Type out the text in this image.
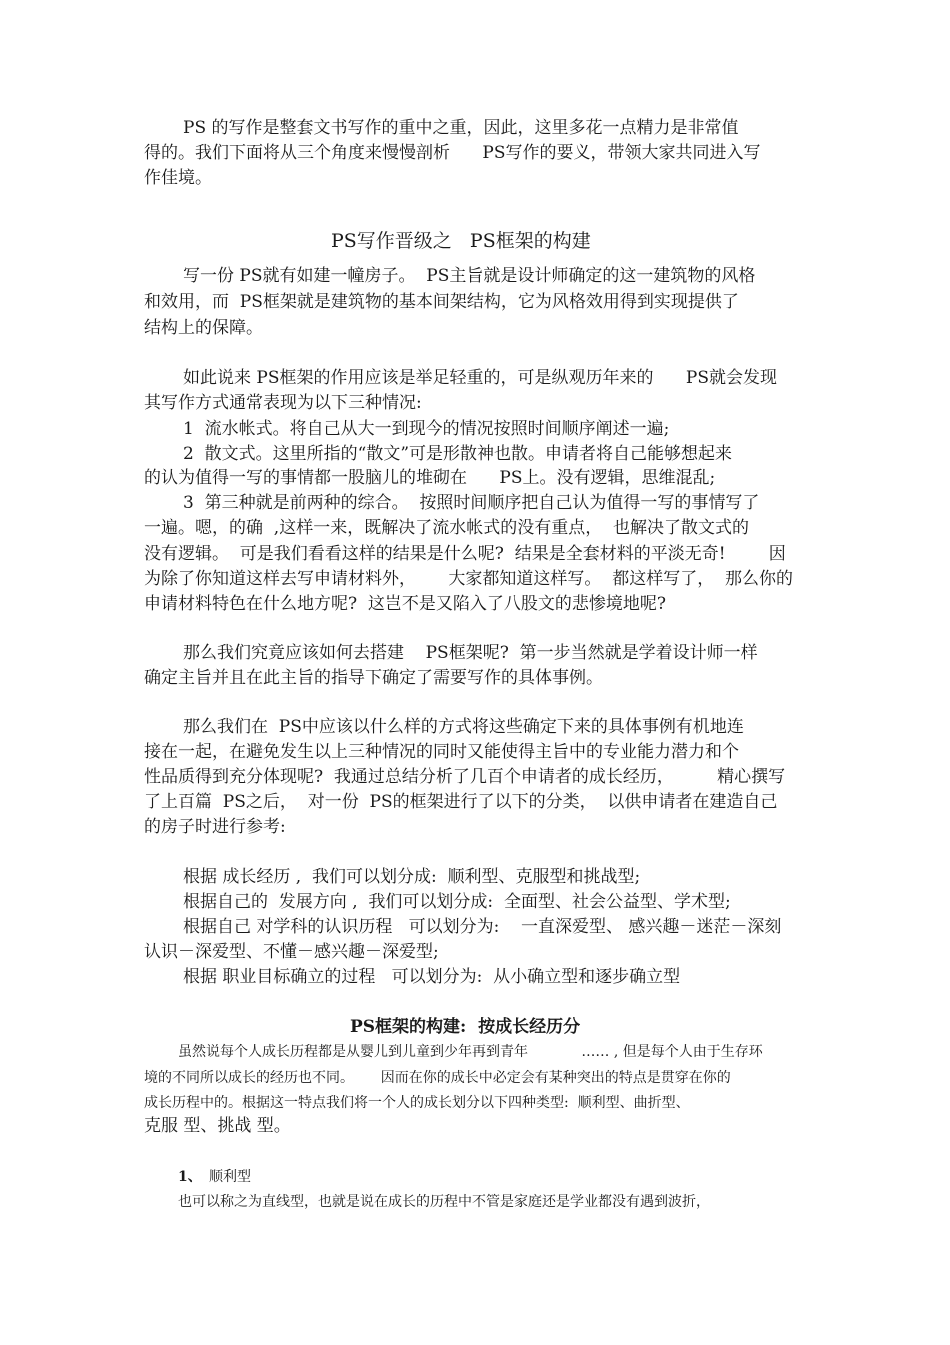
PS 的写作是整套文书写作的重中之重，因此，这里多花一点精力是非常值
得的。我们下面将从三个角度来慢慢剖析      PS写作的要义，带领大家共同进入写
作佳境。
PS写作晋级之   PS框架的构建
写一份 PS就有如建一幢房子。  PS主旨就是设计师确定的这一建筑物的风格
和效用，而  PS框架就是建筑物的基本间架结构，它为风格效用得到实现提供了
结构上的保障。
如此说来 PS框架的作用应该是举足轻重的，可是纵观历年来的      PS就会发现
其写作方式通常表现为以下三种情况:
1  流水帐式。将自己从大一到现今的情况按照时间顺序阐述一遍;
2  散文式。这里所指的“散文”可是形散神也散。申请者将自己能够想起来
的认为值得一写的事情都一股脑儿的堆砌在      PS上。没有逻辑，思维混乱;
3  第三种就是前两种的综合。  按照时间顺序把自己认为值得一写的事情写了
一遍。嗯，的确  ,这样一来，既解决了流水帐式的没有重点，  也解决了散文式的
没有逻辑。  可是我们看看这样的结果是什么呢?  结果是全套材料的平淡无奇!        因
为除了你知道这样去写申请材料外，      大家都知道这样写。  都这样写了，  那么你的
申请材料特色在什么地方呢?  这岂不是又陷入了八股文的悲惨境地呢?
那么我们究竟应该如何去搭建    PS框架呢?  第一步当然就是学着设计师一样
确定主旨并且在此主旨的指导下确定了需要写作的具体事例。
那么我们在  PS中应该以什么样的方式将这些确定下来的具体事例有机地连
接在一起，在避免发生以上三种情况的同时又能使得主旨中的专业能力潜力和个
性品质得到充分体现呢?  我通过总结分析了几百个申请者的成长经历，        精心撰写
了上百篇  PS之后，  对一份  PS的框架进行了以下的分类，  以供申请者在建造自己
的房子时进行参考:
根据 成长经历 ,  我们可以划分成:  顺利型、克服型和挑战型;
根据自己的  发展方向 ,  我们可以划分成:  全面型、社会公益型、学术型;
根据自己 对学科的认识历程   可以划分为:    一直深爱型、 感兴趣－迷茫－深刻
认识－深爱型、不懂－感兴趣－深爱型;
根据 职业目标确立的过程   可以划分为:  从小确立型和逐步确立型
PS框架的构建:  按成长经历分
虽然说每个人成长历程都是从婴儿到儿童到少年再到青年            …… , 但是每个人由于生存环
境的不同所以成长的经历也不同。      因而在你的成长中必定会有某种突出的特点是贯穿在你的
成长历程中的。根据这一特点我们将一个人的成长划分以下四种类型:  顺利型、曲折型、
克服 型、挑战 型。
1、 顺利型
也可以称之为直线型，也就是说在成长的历程中不管是家庭还是学业都没有遇到波折，
